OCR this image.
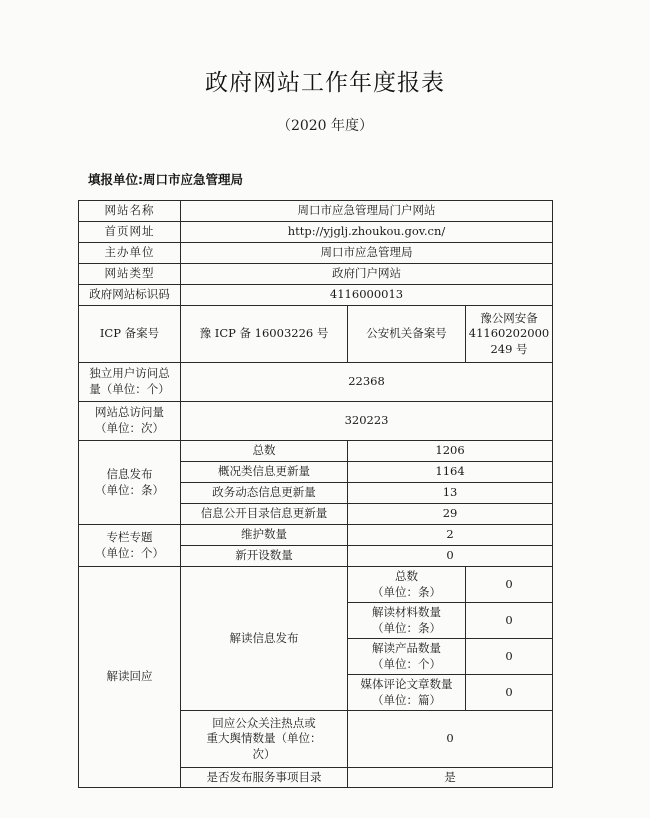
政府网站工作年度报表
（2020 年度）
填报单位:周口市应急管理局
网站名称	周口市应急管理局门户网站		
首页网址	http://yjglj.zhoukou.gov.cn/		
主办单位	周口市应急管理局		
网站类型	政府门户网站		
政府网站标识码	4116000013		
ICP 备案号	豫 ICP 备 16003226 号	公安机关备案号	豫公网安备
41160202000
249 号

独立用户访问总
量（单位：个）	22368		

网站总访问量
（单位：次）	320223		

信息发布
（单位：条）	总数	1206	
	概况类信息更新量	1164	
	政务动态信息更新量	13	
	信息公开目录信息更新量	29	

专栏专题
（单位：个）	维护数量	2	
	新开设数量	0	
解读回应	解读信息发布	总数
（单位：条）	0

		解读材料数量
（单位：条）	0

		解读产品数量
（单位：个）	0

		媒体评论文章数量
（单位：篇）	0

	回应公众关注热点或
重大舆情数量（单位：
次）	0	
	是否发布服务事项目录	是	
